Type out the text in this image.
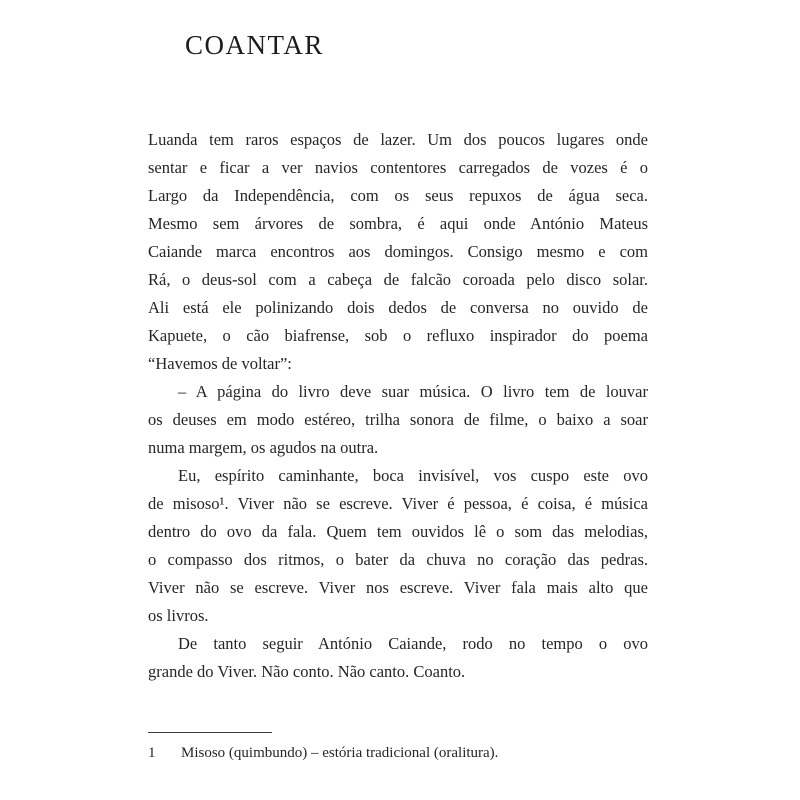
COANTAR
Luanda tem raros espaços de lazer. Um dos poucos lugares onde
sentar e ficar a ver navios contentores carregados de vozes é o
Largo da Independência, com os seus repuxos de água seca.
Mesmo sem árvores de sombra, é aqui onde António Mateus
Caiande marca encontros aos domingos. Consigo mesmo e com
Rá, o deus-sol com a cabeça de falcão coroada pelo disco solar.
Ali está ele polinizando dois dedos de conversa no ouvido de
Kapuete, o cão biafrense, sob o refluxo inspirador do poema
“Havemos de voltar”:
– A página do livro deve suar música. O livro tem de louvar
os deuses em modo estéreo, trilha sonora de filme, o baixo a soar
numa margem, os agudos na outra.
Eu, espírito caminhante, boca invisível, vos cuspo este ovo
de misoso¹. Viver não se escreve. Viver é pessoa, é coisa, é música
dentro do ovo da fala. Quem tem ouvidos lê o som das melodias,
o compasso dos ritmos, o bater da chuva no coração das pedras.
Viver não se escreve. Viver nos escreve. Viver fala mais alto que
os livros.
De tanto seguir António Caiande, rodo no tempo o ovo
grande do Viver. Não conto. Não canto. Coanto.
1	Misoso (quimbundo) – estória tradicional (oralitura).
